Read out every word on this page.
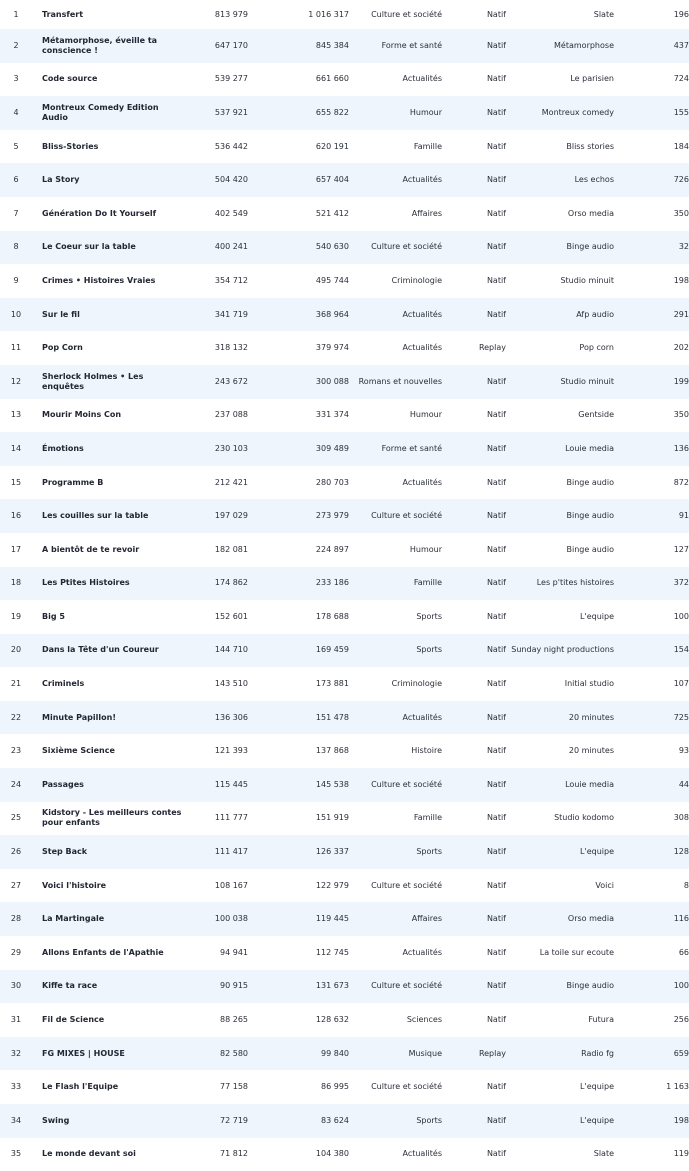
1	Transfert	813 979	1 016 317	Culture et société	Natif	Slate	196
2	Métamorphose, éveille ta conscience !	647 170	845 384	Forme et santé	Natif	Métamorphose	437
3	Code source	539 277	661 660	Actualités	Natif	Le parisien	724
4	Montreux Comedy Edition Audio	537 921	655 822	Humour	Natif	Montreux comedy	155
5	Bliss-Stories	536 442	620 191	Famille	Natif	Bliss stories	184
6	La Story	504 420	657 404	Actualités	Natif	Les echos	726
7	Génération Do It Yourself	402 549	521 412	Affaires	Natif	Orso media	350
8	Le Coeur sur la table	400 241	540 630	Culture et société	Natif	Binge audio	32
9	Crimes • Histoires Vraies	354 712	495 744	Criminologie	Natif	Studio minuit	198
10	Sur le fil	341 719	368 964	Actualités	Natif	Afp audio	291
11	Pop Corn	318 132	379 974	Actualités	Replay	Pop corn	202
12	Sherlock Holmes • Les enquêtes	243 672	300 088	Romans et nouvelles	Natif	Studio minuit	199
13	Mourir Moins Con	237 088	331 374	Humour	Natif	Gentside	350
14	Émotions	230 103	309 489	Forme et santé	Natif	Louie media	136
15	Programme B	212 421	280 703	Actualités	Natif	Binge audio	872
16	Les couilles sur la table	197 029	273 979	Culture et société	Natif	Binge audio	91
17	A bientôt de te revoir	182 081	224 897	Humour	Natif	Binge audio	127
18	Les Ptites Histoires	174 862	233 186	Famille	Natif	Les p'tites histoires	372
19	Big 5	152 601	178 688	Sports	Natif	L'equipe	100
20	Dans la Tête d'un Coureur	144 710	169 459	Sports	Natif	Sunday night productions	154
21	Criminels	143 510	173 881	Criminologie	Natif	Initial studio	107
22	Minute Papillon!	136 306	151 478	Actualités	Natif	20 minutes	725
23	Sixième Science	121 393	137 868	Histoire	Natif	20 minutes	93
24	Passages	115 445	145 538	Culture et société	Natif	Louie media	44
25	Kidstory - Les meilleurs contes pour enfants	111 777	151 919	Famille	Natif	Studio kodomo	308
26	Step Back	111 417	126 337	Sports	Natif	L'equipe	128
27	Voici l'histoire	108 167	122 979	Culture et société	Natif	Voici	8
28	La Martingale	100 038	119 445	Affaires	Natif	Orso media	116
29	Allons Enfants de l'Apathie	94 941	112 745	Actualités	Natif	La toile sur ecoute	66
30	Kiffe ta race	90 915	131 673	Culture et société	Natif	Binge audio	100
31	Fil de Science	88 265	128 632	Sciences	Natif	Futura	256
32	FG MIXES | HOUSE	82 580	99 840	Musique	Replay	Radio fg	659
33	Le Flash l'Equipe	77 158	86 995	Culture et société	Natif	L'equipe	1 163
34	Swing	72 719	83 624	Sports	Natif	L'equipe	198
35	Le monde devant soi	71 812	104 380	Actualités	Natif	Slate	119
